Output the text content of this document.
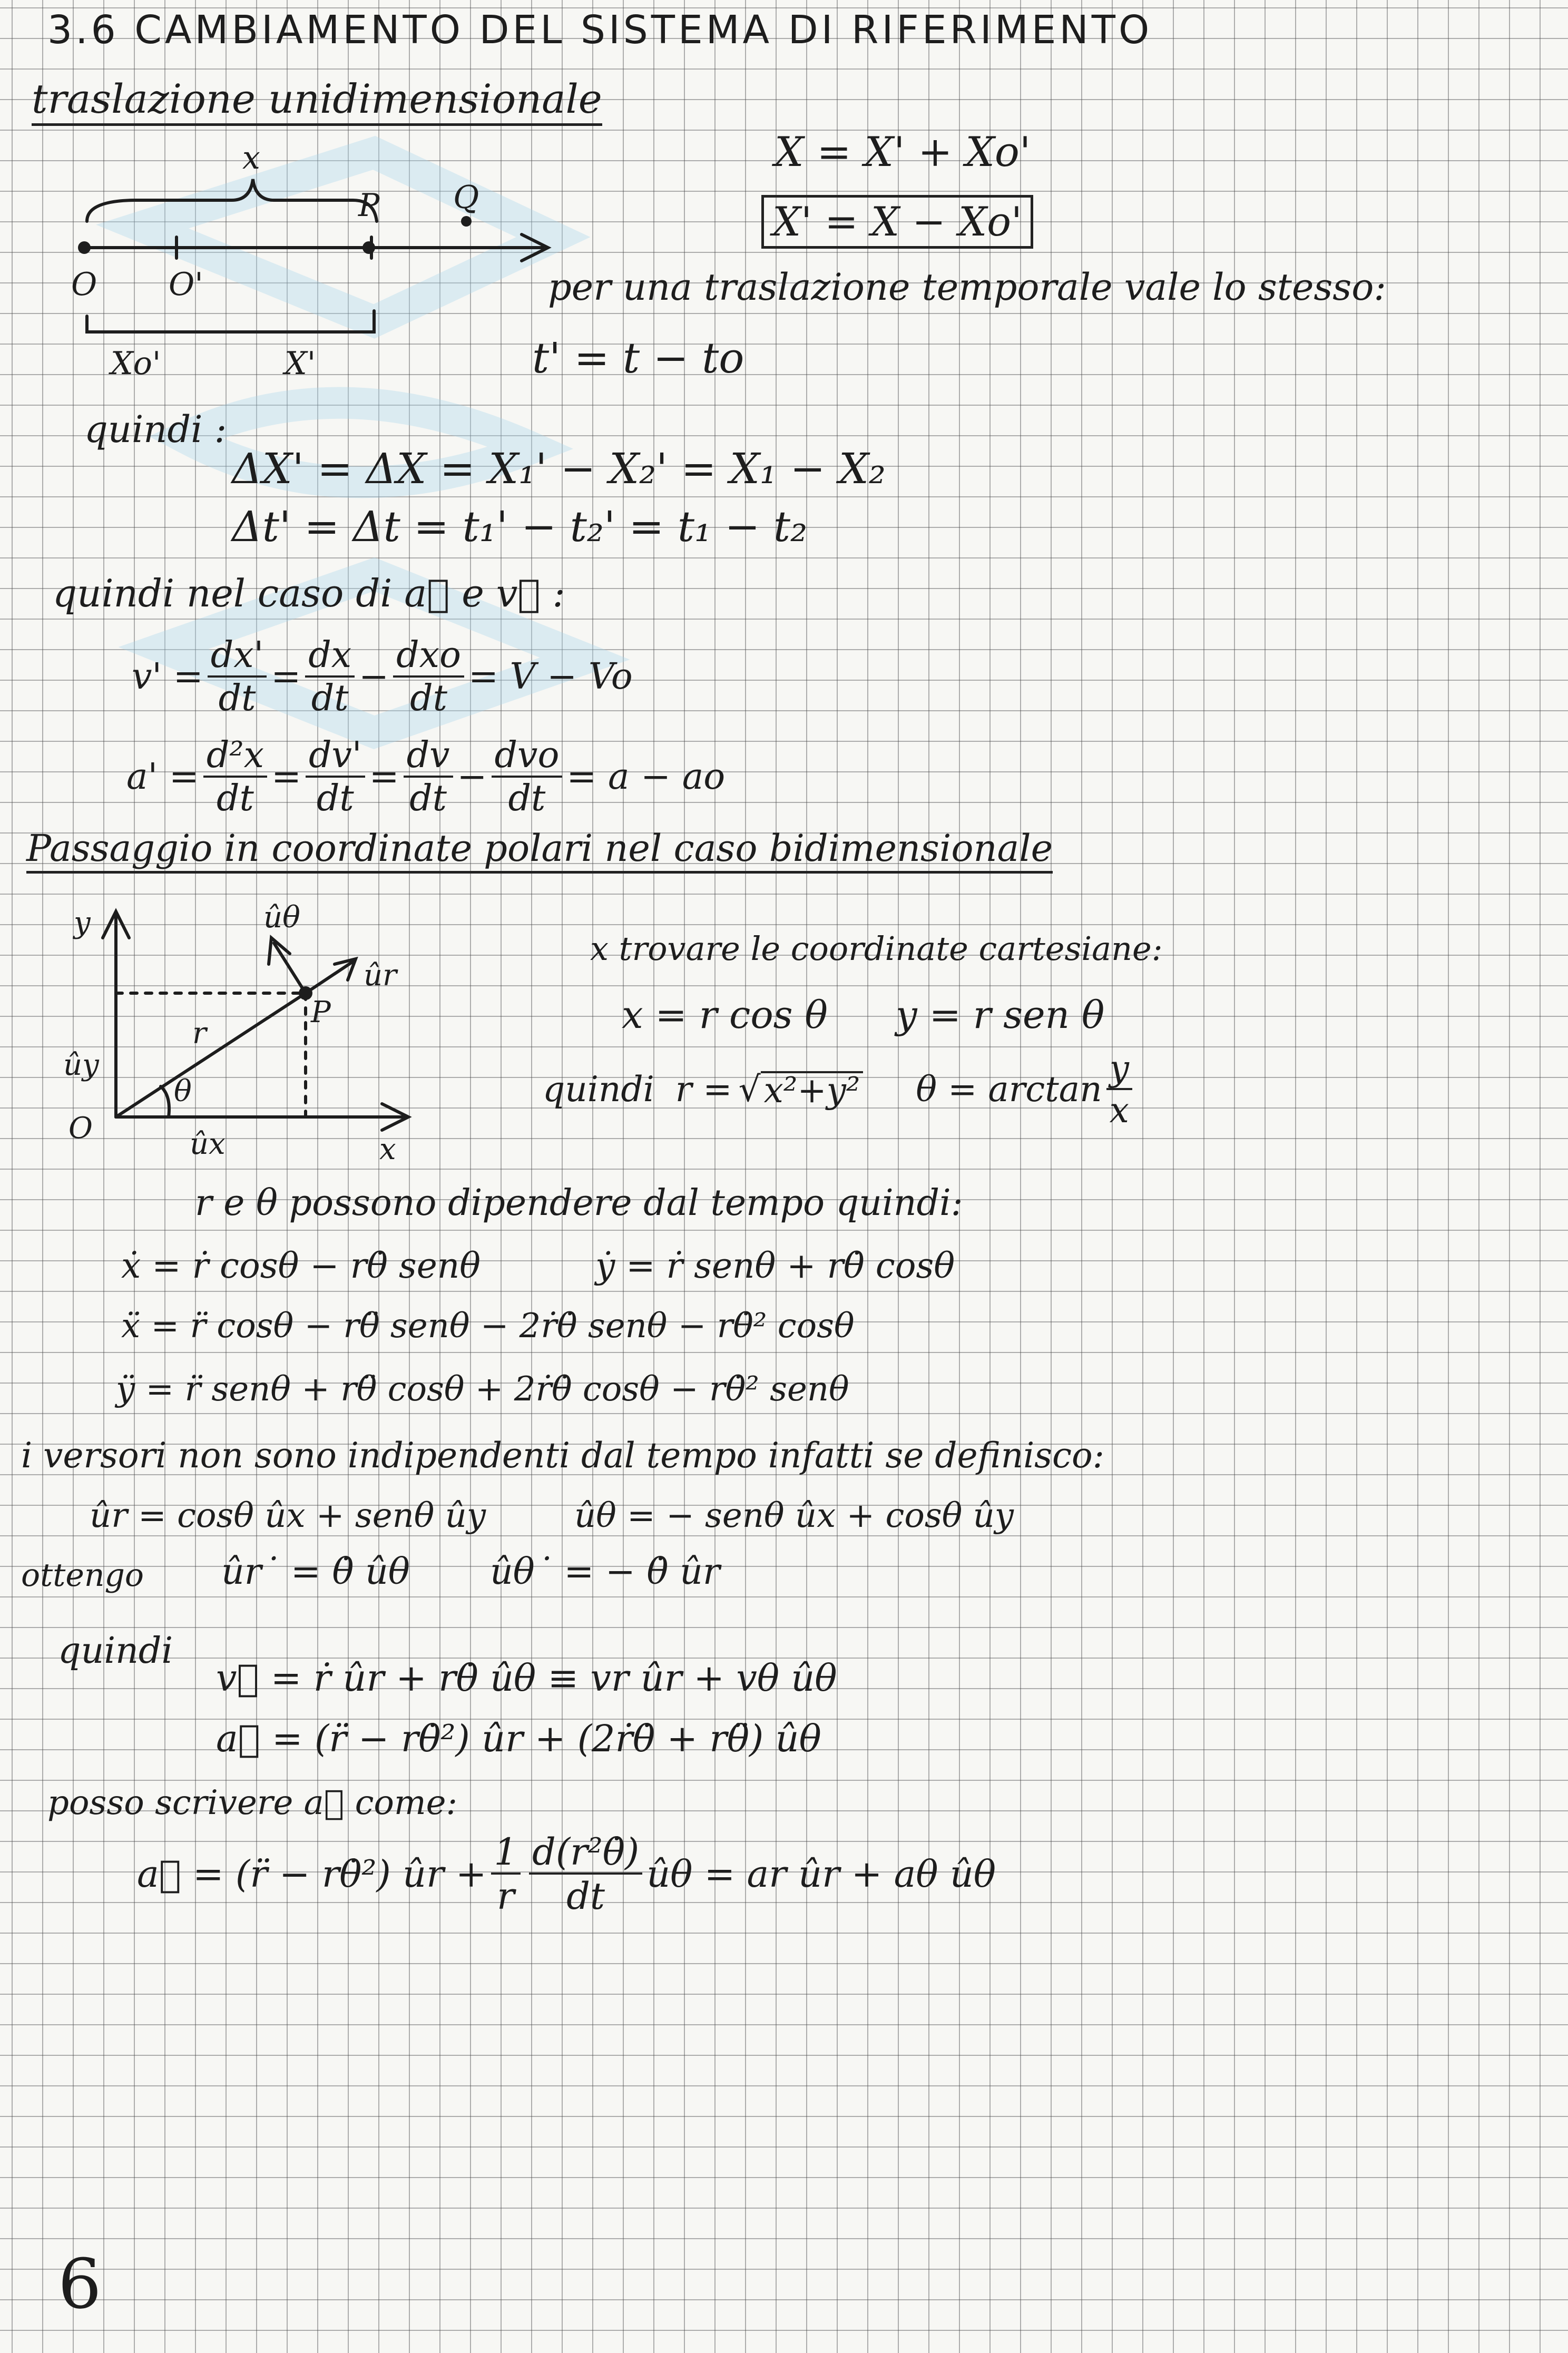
3.6 CAMBIAMENTO DEL SISTEMA DI RIFERIMENTO
traslazione unidimensionale
x
P Q
O O'
Xo'	X'
X = X' + Xo'
X' = X − Xo'
per una traslazione temporale vale lo stesso:
t' = t − to
quindi :
ΔX' = ΔX = X₁' − X₂' = X₁ − X₂
Δt' = Δt = t₁' − t₂' = t₁ − t₂
quindi nel caso di a⃗ e v⃗ :
$v' = \frac{dx'}{dt} = \frac{dx}{dt} - \frac{\text{dxo}}{dt} = V - Vo$
$a' = \frac{\text{d²x}}{dt} = \frac{dv'}{dt} = \frac{dv}{dt} - \frac{\text{dvo}}{dt} = a$ − ao
Passaggio in coordinate polari nel caso bidimensionale
y
x
O
P
r
θ
ûθ
ûr
ûx
ûy
x trovare le coordinate cartesiane:
x = r cos θ y = r sen θ
quindi r = √ x²+y² $\theta = \arctan \frac{y}{x}$
r e θ possono dipendere dal tempo quindi:
ẋ = ṙ cosθ − rθ̇ senθ	ẏ = ṙ senθ + rθ̇ cosθ
ẍ = r̈ cosθ − rθ̈ senθ − 2ṙθ̇ senθ − rθ̇² cosθ
ÿ = r̈ senθ + rθ̈ cosθ + 2ṙθ̇ cosθ − rθ̇² senθ
i versori non sono indipendenti dal tempo infatti se definisco:
ûr = cosθ ûx + senθ ûy	ûθ = − senθ ûx + cosθ ûy
ottengo ûr˙ = θ̇ ûθ ûθ˙ = − θ̇ ûr
quindi
v⃗ = ṙ ûr + rθ̇ ûθ ≡ vr ûr + vθ ûθ
a⃗ = (r̈ − rθ̇²) ûr + (2ṙθ̇ + rθ̈) ûθ
posso scrivere a⃗ come:
a⃗ = (r̈ − rθ̇²) ûr + $\frac{1}{r} \frac{\text{d(r²θ̇)}}{dt}$ ûθ = ar ûr + aθ ûθ
6
